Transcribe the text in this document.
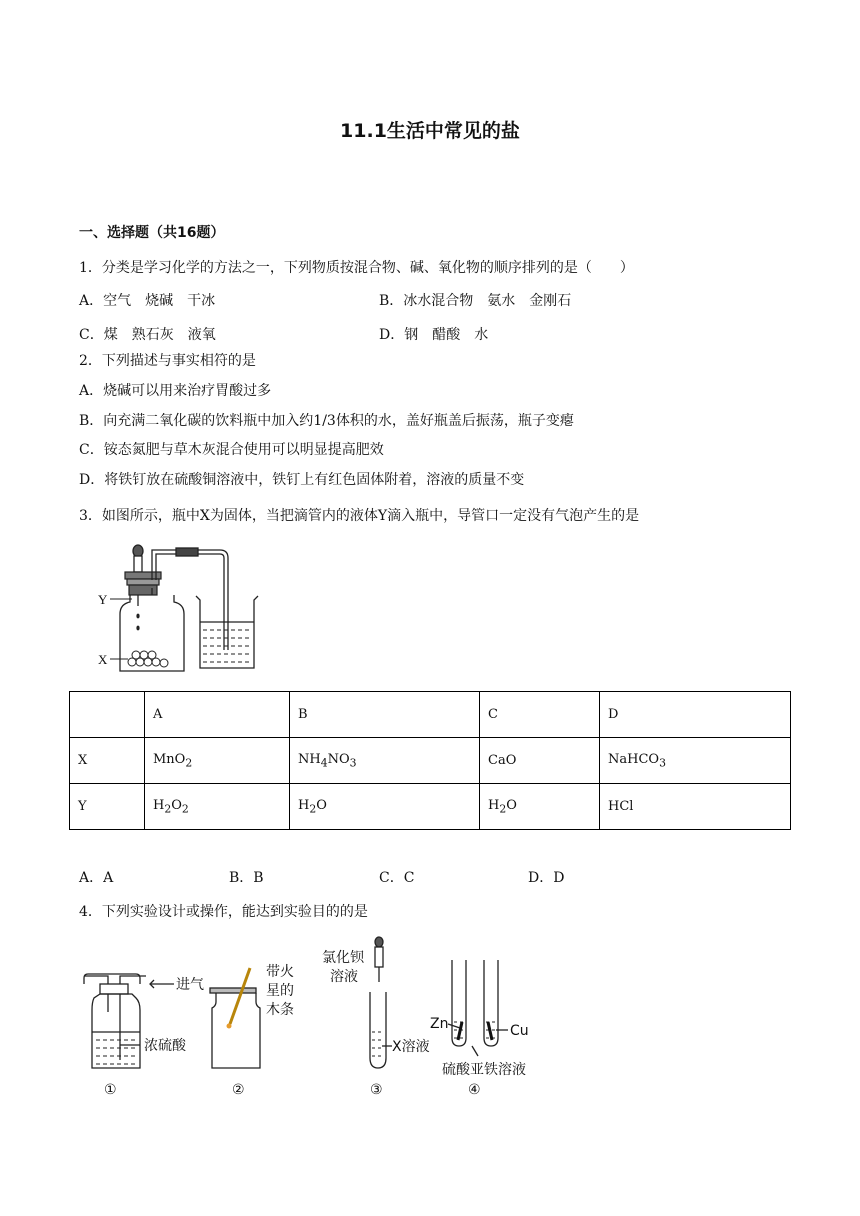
11.1生活中常见的盐
一、选择题（共16题）
1．分类是学习化学的方法之一，下列物质按混合物、碱、氧化物的顺序排列的是（　　）
A．空气　烧碱　干冰	B．冰水混合物　氨水　金刚石
C．煤　熟石灰　液氧	D．钢　醋酸　水
2．下列描述与事实相符的是
A．烧碱可以用来治疗胃酸过多
B．向充满二氧化碳的饮料瓶中加入约1/3体积的水，盖好瓶盖后振荡，瓶子变瘪
C．铵态氮肥与草木灰混合使用可以明显提高肥效
D．将铁钉放在硫酸铜溶液中，铁钉上有红色固体附着，溶液的质量不变
3．如图所示，瓶中X为固体，当把滴管内的液体Y滴入瓶中，导管口一定没有气泡产生的是
Y
X
	A	B	C	D
X	MnO$_2$	$NH_4NO_3$	CaO	NaHCO$_3$
Y	$H_2O_2$	$H_2O$	$H_2O$	HCl
A．A	B．B	C．C	D．D
4．下列实验设计或操作，能达到实验目的的是
进气
浓硫酸
①
带火
星的
木条
②
氯化钡
溶液
X溶液
③
Zn	Cu
硫酸亚铁溶液
④
